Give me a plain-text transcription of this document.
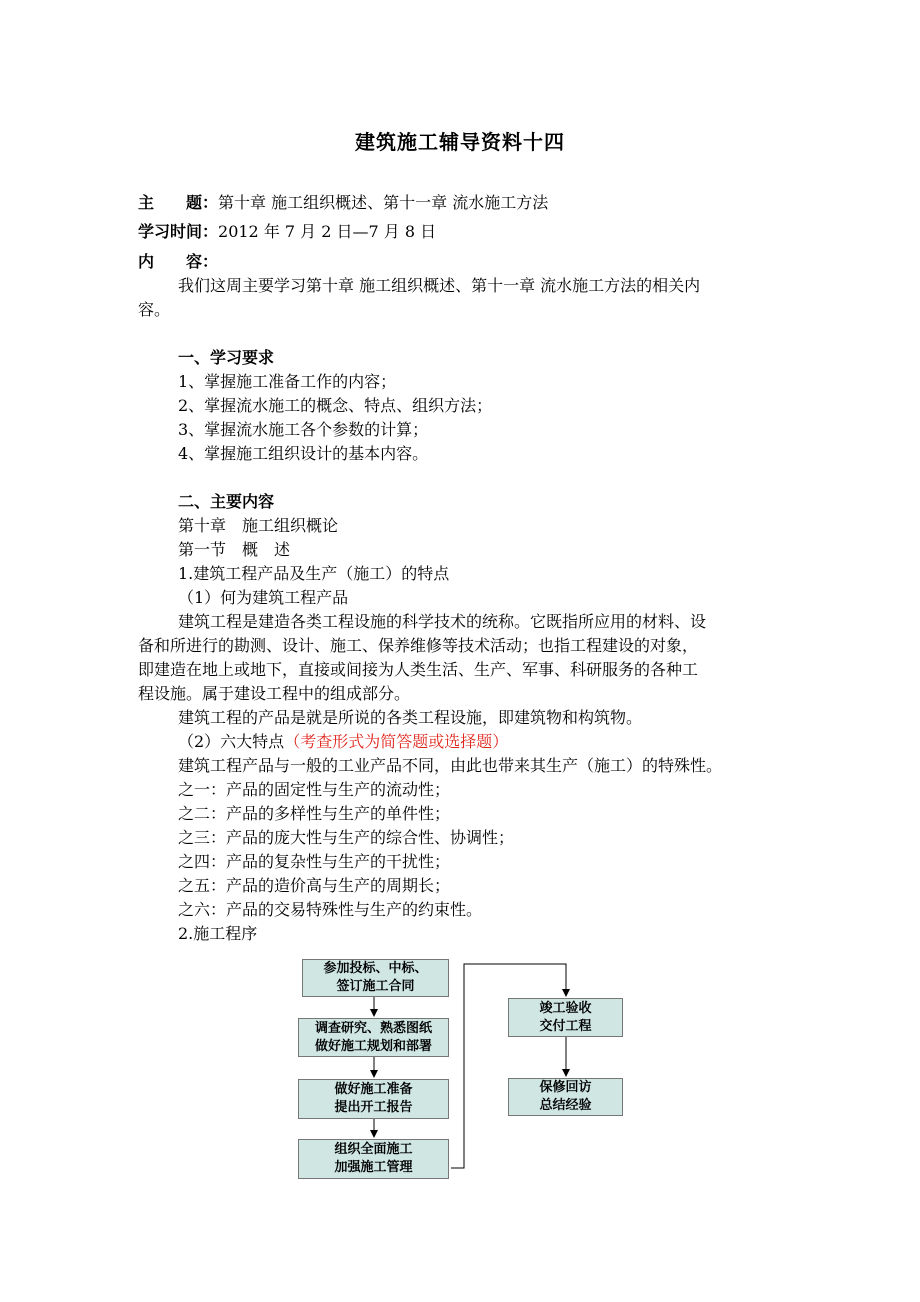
建筑施工辅导资料十四
主　　题：第十章 施工组织概述、第十一章 流水施工方法
学习时间：2012 年 7 月 2 日—7 月 8 日
内　　容：
我们这周主要学习第十章 施工组织概述、第十一章 流水施工方法的相关内
容。
一、学习要求
1、掌握施工准备工作的内容；
2、掌握流水施工的概念、特点、组织方法；
3、掌握流水施工各个参数的计算；
4、掌握施工组织设计的基本内容。
二、主要内容
第十章　施工组织概论
第一节　概　述
1.建筑工程产品及生产（施工）的特点
（1）何为建筑工程产品
建筑工程是建造各类工程设施的科学技术的统称。它既指所应用的材料、设
备和所进行的勘测、设计、施工、保养维修等技术活动；也指工程建设的对象，
即建造在地上或地下，直接或间接为人类生活、生产、军事、科研服务的各种工
程设施。属于建设工程中的组成部分。
建筑工程的产品是就是所说的各类工程设施，即建筑物和构筑物。
（2）六大特点（考查形式为简答题或选择题）
建筑工程产品与一般的工业产品不同，由此也带来其生产（施工）的特殊性。
之一：产品的固定性与生产的流动性；
之二：产品的多样性与生产的单件性；
之三：产品的庞大性与生产的综合性、协调性；
之四：产品的复杂性与生产的干扰性；
之五：产品的造价高与生产的周期长；
之六：产品的交易特殊性与生产的约束性。
2.施工程序
参加投标、中标、
签订施工合同
调查研究、熟悉图纸
做好施工规划和部署
做好施工准备
提出开工报告
组织全面施工
加强施工管理
竣工验收
交付工程
保修回访
总结经验
